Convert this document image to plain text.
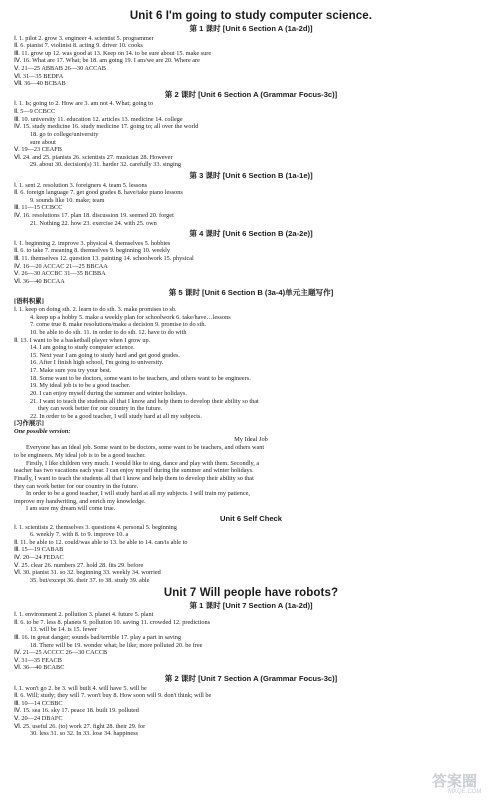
Unit 6 I'm going to study computer science.
第 1 课时 [Unit 6 Section A (1a-2d)]
Ⅰ. 1. pilot 2. grow 3. engineer 4. scientist 5. programmer
Ⅱ. 6. pianist 7. violinist 8. acting 9. driver 10. cooks
Ⅲ. 11. grow up 12. was good at 13. Keep on 14. to be sure about 15. make sure
Ⅳ. 16. What are 17. What; be 18. am going 19. I am/we are 20. Where are
Ⅴ. 21—25 ABBAB 26—30 ACCAB
Ⅵ. 31—35 BEDFA
Ⅶ. 36—40 BCBAB
第 2 课时 [Unit 6 Section A (Grammar Focus-3c)]
Ⅰ. 1. Is; going to 2. How are 3. am not 4. What; going to
Ⅱ. 5—9 CCBCC
Ⅲ. 10. university 11. education 12. articles 13. medicine 14. college
Ⅳ. 15. study medicine 16. study medicine 17. going to; all over the world
18. go to college/university
sure about
Ⅴ. 19—23 CEAFB
Ⅵ. 24. and 25. pianists 26. scientists 27. musician 28. However
29. about 30. decision(s) 31. harder 32. carefully 33. singing
第 3 课时 [Unit 6 Section B (1a-1e)]
Ⅰ. 1. sent 2. resolution 3. foreigners 4. team 5. lessons
Ⅱ. 6. foreign language 7. get good grades 8. have/take piano lessons
9. sounds like 10. make; team
Ⅲ. 11—15 CCBCC
Ⅳ. 16. resolutions 17. plan 18. discussion 19. seemed 20. forget
21. Nothing 22. how 23. exercise 24. with 25. own
第 4 课时 [Unit 6 Section B (2a-2e)]
Ⅰ. 1. beginning 2. improve 3. physical 4. themselves 5. hobbies
Ⅱ. 6. to take 7. meaning 8. themselves 9. beginning 10. weekly
Ⅲ. 11. themselves 12. question 13. painting 14. schoolwork 15. physical
Ⅳ. 16—20 ACCAC 21—25 BBCAA
Ⅴ. 26—30 ACCBC 31—35 BCBBA
Ⅵ. 36—40 BCCAA
第 5 课时 [Unit 6 Section B (3a-4)单元主题写作]
[语料积累]
Ⅰ. 1. keep on doing sth. 2. learn to do sth. 3. make promises to sb.
4. keep up a hobby 5. make a weekly plan for schoolwork 6. take/have…lessons
7. come true 8. make resolutions/make a decision 9. promise to do sth.
10. be able to do sth. 11. in order to do sth. 12. have to do with
Ⅱ. 13. I want to be a basketball player when I grow up.
14. I am going to study computer science.
15. Next year I am going to study hard and get good grades.
16. After I finish high school, I'm going to university.
17. Make sure you try your best.
18. Some want to be doctors, some want to be teachers, and others want to be engineers.
19. My ideal job is to be a good teacher.
20. I can enjoy myself during the summer and winter holidays.
21. I want to teach the students all that I know and help them to develop their ability so that
they can work better for our country in the future.
22. In order to be a good teacher, I will study hard at all my subjects.
[习作展示]
One possible version:
My Ideal Job
Everyone has an ideal job. Some want to be doctors, some want to be teachers, and others want
to be engineers. My ideal job is to be a good teacher.
Firstly, I like children very much. I would like to sing, dance and play with them. Secondly, a
teacher has two vacations each year. I can enjoy myself during the summer and winter holidays.
Finally, I want to teach the students all that I know and help them to develop their ability so that
they can work better for our country in the future.
In order to be a good teacher, I will study hard at all my subjects. I will train my patience,
improve my handwriting, and enrich my knowledge.
I am sure my dream will come true.
Unit 6 Self Check
Ⅰ. 1. scientists 2. themselves 3. questions 4. personal 5. beginning
6. weekly 7. with 8. to 9. improve 10. a
Ⅱ. 11. be able to 12. could/was able to 13. be able to 14. can/is able to
Ⅲ. 15—19 CABAB
Ⅳ. 20—24 FEDAC
Ⅴ. 25. clear 26. numbers 27. hold 28. fits 29. before
Ⅵ. 30. pianist 31. so 32. beginning 33. weekly 34. worried
35. but/except 36. their 37. to 38. study 39. able
Unit 7 Will people have robots?
第 1 课时 [Unit 7 Section A (1a-2d)]
Ⅰ. 1. environment 2. pollution 3. planet 4. future 5. plant
Ⅱ. 6. to be 7. less 8. planets 9. pollution 10. saving 11. crowded 12. predictions
13. will be 14. is 15. fewer
Ⅲ. 16. in great danger; sounds bad/terrible 17. play a part in saving
18. There will be 19. wonder what; be like; more polluted 20. be free
Ⅳ. 21—25 ACCCC 26—30 CACCB
Ⅴ. 31—35 FEACB
Ⅵ. 36—40 BCABC
第 2 课时 [Unit 7 Section A (Grammar Focus-3c)]
Ⅰ. 1. won't go 2. be 3. will built 4. will have 5. will be
Ⅱ. 6. Will; study; they will 7. won't buy 8. How soon will 9. don't think; will be
Ⅲ. 10—14 CCBBC
Ⅳ. 15. sea 16. sky 17. peace 18. built 19. polluted
Ⅴ. 20—24 DBAFC
Ⅵ. 25. useful 26. (to) work 27. fight 28. their 29. for
30. less 31. so 32. In 33. lose 34. happiness
答案圈
MXQE.COM
